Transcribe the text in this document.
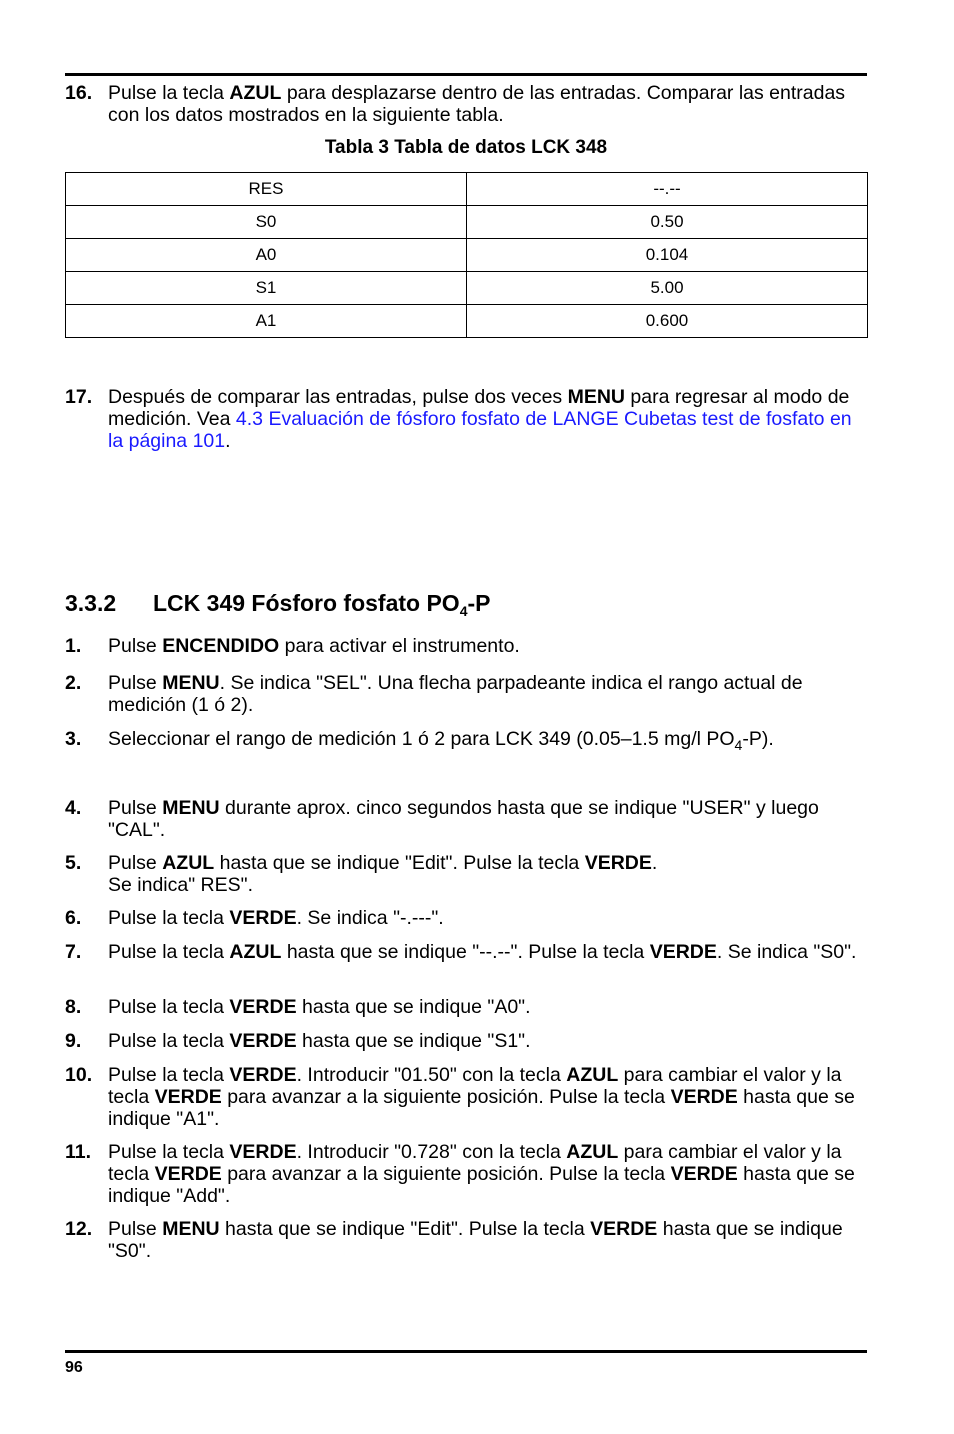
16. Pulse la tecla AZUL para desplazarse dentro de las entradas. Comparar las entradas con los datos mostrados en la siguiente tabla.
Tabla 3 Tabla de datos LCK 348
RES	--.--
S0	0.50
A0	0.104
S1	5.00
A1	0.600
17. Después de comparar las entradas, pulse dos veces MENU para regresar al modo de medición. Vea 4.3 Evaluación de fósforo fosfato de LANGE Cubetas test de fosfato en la página 101.
3.3.2 LCK 349 Fósforo fosfato $PO_4-P$
1. Pulse ENCENDIDO para activar el instrumento.
2. Pulse MENU. Se indica "SEL". Una flecha parpadeante indica el rango actual de medición (1 ó 2).
3. Seleccionar el rango de medición 1 ó 2 para LCK 349 (0.05–1.5 mg/l $PO_4-P$).
4. Pulse MENU durante aprox. cinco segundos hasta que se indique "USER" y luego "CAL".
5. Pulse AZUL hasta que se indique "Edit". Pulse la tecla VERDE.
Se indica" RES".
6. Pulse la tecla VERDE. Se indica "-.---".
7. Pulse la tecla AZUL hasta que se indique "--.--". Pulse la tecla VERDE. Se indica "S0".
8. Pulse la tecla VERDE hasta que se indique "A0".
9. Pulse la tecla VERDE hasta que se indique "S1".
10. Pulse la tecla VERDE. Introducir "01.50" con la tecla AZUL para cambiar el valor y la tecla VERDE para avanzar a la siguiente posición. Pulse la tecla VERDE hasta que se indique "A1".
11. Pulse la tecla VERDE. Introducir "0.728" con la tecla AZUL para cambiar el valor y la tecla VERDE para avanzar a la siguiente posición. Pulse la tecla VERDE hasta que se indique "Add".
12. Pulse MENU hasta que se indique "Edit". Pulse la tecla VERDE hasta que se indique "S0".
96
